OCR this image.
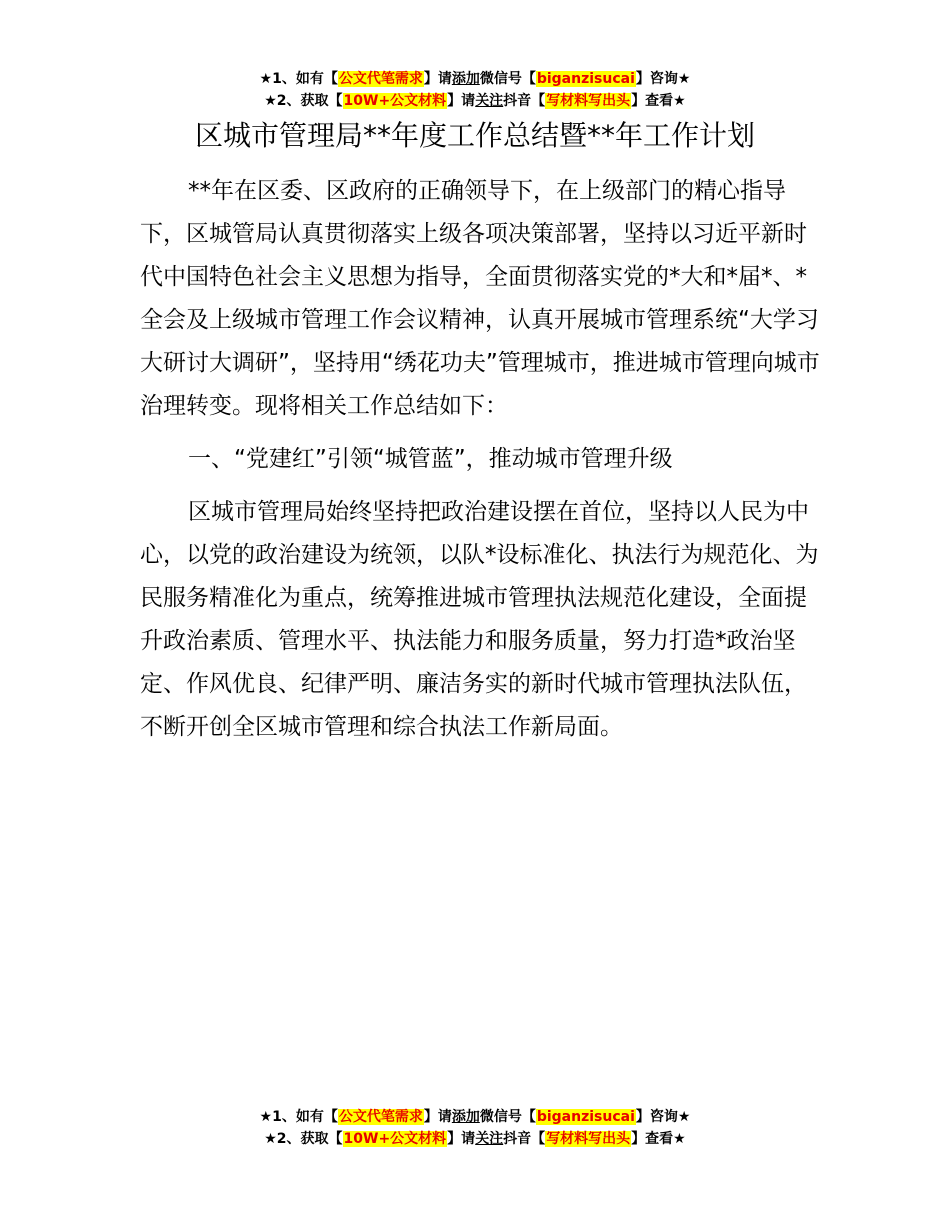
★1、如有【公文代笔需求】请添加微信号【biganzisucai】咨询★
★2、获取【10W+公文材料】请关注抖音【写材料写出头】查看★
区城市管理局**年度工作总结暨**年工作计划

**年在区委、区政府的正确领导下，在上级部门的精心指导下，区城管局认真贯彻落实上级各项决策部署，坚持以习近平新时代中国特色社会主义思想为指导，全面贯彻落实党的*大和*届*、*全会及上级城市管理工作会议精神，认真开展城市管理系统“大学习大研讨大调研”，坚持用“绣花功夫”管理城市，推进城市管理向城市治理转变。现将相关工作总结如下：

一、“党建红”引领“城管蓝”，推动城市管理升级

区城市管理局始终坚持把政治建设摆在首位，坚持以人民为中心，以党的政治建设为统领，以队*设标准化、执法行为规范化、为民服务精准化为重点，统筹推进城市管理执法规范化建设，全面提升政治素质、管理水平、执法能力和服务质量，努力打造*政治坚定、作风优良、纪律严明、廉洁务实的新时代城市管理执法队伍，不断开创全区城市管理和综合执法工作新局面。

★1、如有【公文代笔需求】请添加微信号【biganzisucai】咨询★
★2、获取【10W+公文材料】请关注抖音【写材料写出头】查看★
